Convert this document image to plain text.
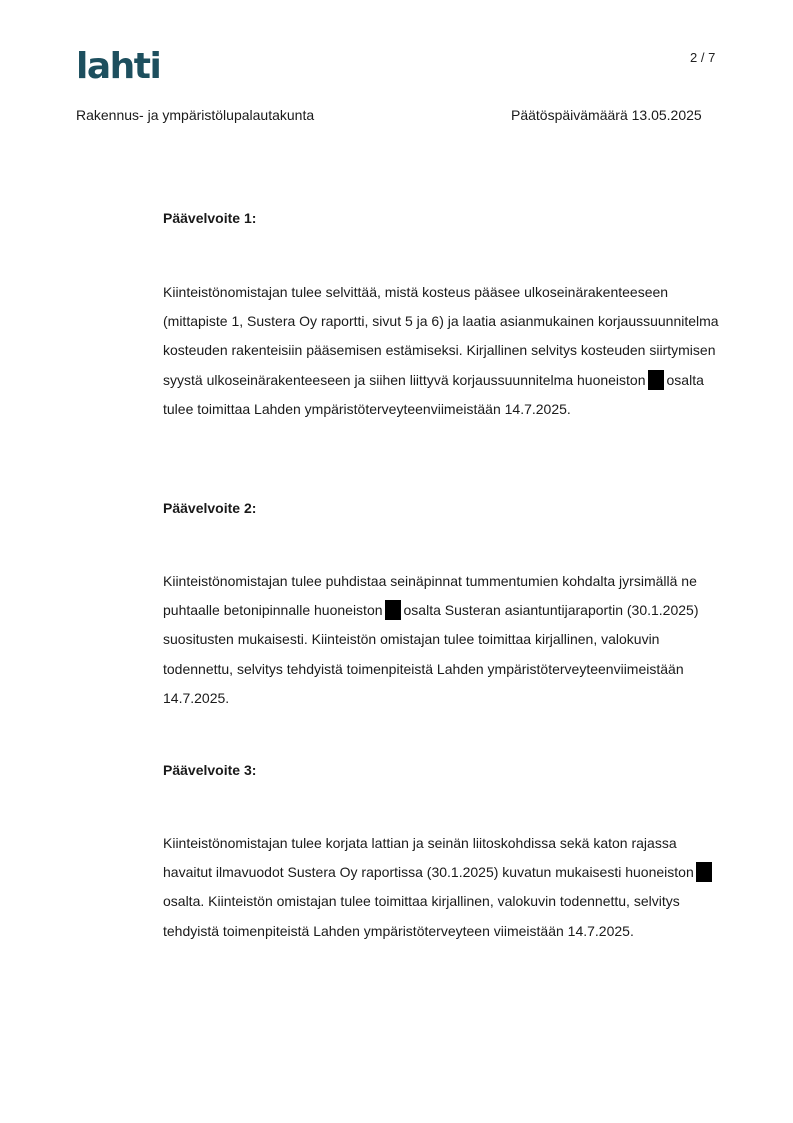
lahti	2 / 7
Rakennus- ja ympäristölupalautakunta	Päätöspäivämäärä 13.05.2025
Päävelvoite 1:
Kiinteistönomistajan tulee selvittää, mistä kosteus pääsee ulkoseinärakenteeseen (mittapiste 1, Sustera Oy raportti, sivut 5 ja 6) ja laatia asianmukainen korjaussuunnitelma kosteuden rakenteisiin pääsemisen estämiseksi. Kirjallinen selvitys kosteuden siirtymisen syystä ulkoseinärakenteeseen ja siihen liittyvä korjaussuunnitelma huoneiston osalta tulee toimittaa Lahden ympäristöterveyteenviimeistään 14.7.2025.
Päävelvoite 2:
Kiinteistönomistajan tulee puhdistaa seinäpinnat tummentumien kohdalta jyrsimällä ne puhtaalle betonipinnalle huoneiston osalta Susteran asiantuntijaraportin (30.1.2025) suositusten mukaisesti. Kiinteistön omistajan tulee toimittaa kirjallinen, valokuvin todennettu, selvitys tehdyistä toimenpiteistä Lahden ympäristöterveyteenviimeistään 14.7.2025.
Päävelvoite 3:
Kiinteistönomistajan tulee korjata lattian ja seinän liitoskohdissa sekä katon rajassa havaitut ilmavuodot Sustera Oy raportissa (30.1.2025) kuvatun mukaisesti huoneistonosalta. Kiinteistön omistajan tulee toimittaa kirjallinen, valokuvin todennettu, selvitys tehdyistä toimenpiteistä Lahden ympäristöterveyteen viimeistään 14.7.2025.
